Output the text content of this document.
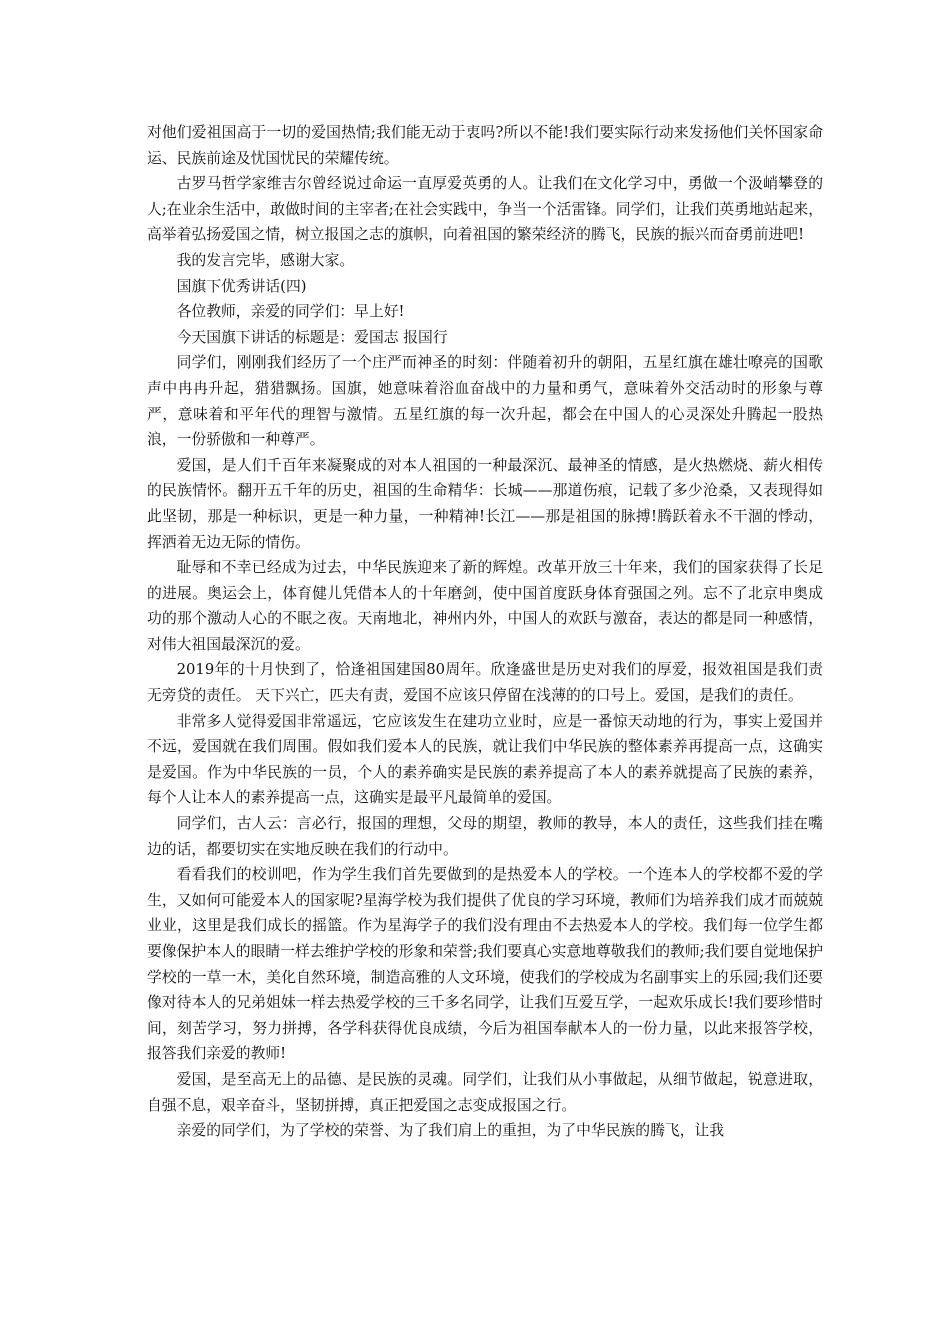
对他们爱祖国高于一切的爱国热情;我们能无动于衷吗?所以不能!我们要实际行动来发扬他们关怀国家命运、民族前途及忧国忧民的荣耀传统。

古罗马哲学家维吉尔曾经说过命运一直厚爱英勇的人。让我们在文化学习中，勇做一个汲峭攀登的人;在业余生活中，敢做时间的主宰者;在社会实践中，争当一个活雷锋。同学们，让我们英勇地站起来，高举着弘扬爱国之情，树立报国之志的旗帜，向着祖国的繁荣经济的腾飞，民族的振兴而奋勇前进吧!

我的发言完毕，感谢大家。

国旗下优秀讲话(四)

各位教师，亲爱的同学们：早上好!

今天国旗下讲话的标题是：爱国志 报国行

同学们，刚刚我们经历了一个庄严而神圣的时刻：伴随着初升的朝阳，五星红旗在雄壮嘹亮的国歌声中冉冉升起，猎猎飘扬。国旗，她意味着浴血奋战中的力量和勇气，意味着外交活动时的形象与尊严，意味着和平年代的理智与激情。五星红旗的每一次升起，都会在中国人的心灵深处升腾起一股热浪，一份骄傲和一种尊严。

爱国，是人们千百年来凝聚成的对本人祖国的一种最深沉、最神圣的情感，是火热燃烧、薪火相传的民族情怀。翻开五千年的历史，祖国的生命精华：长城——那道伤痕，记载了多少沧桑，又表现得如此坚韧，那是一种标识，更是一种力量，一种精神!长江——那是祖国的脉搏!腾跃着永不干涸的悸动，挥洒着无边无际的情伤。

耻辱和不幸已经成为过去，中华民族迎来了新的辉煌。改革开放三十年来，我们的国家获得了长足的进展。奥运会上，体育健儿凭借本人的十年磨剑，使中国首度跃身体育强国之列。忘不了北京申奥成功的那个激动人心的不眠之夜。天南地北，神州内外，中国人的欢跃与激奋，表达的都是同一种感情，对伟大祖国最深沉的爱。

2019年的十月快到了，恰逢祖国建国80周年。欣逢盛世是历史对我们的厚爱，报效祖国是我们责无旁贷的责任。 天下兴亡，匹夫有责，爱国不应该只停留在浅薄的的口号上。爱国，是我们的责任。

非常多人觉得爱国非常遥远，它应该发生在建功立业时，应是一番惊天动地的行为，事实上爱国并不远，爱国就在我们周围。假如我们爱本人的民族，就让我们中华民族的整体素养再提高一点，这确实是爱国。作为中华民族的一员，个人的素养确实是民族的素养提高了本人的素养就提高了民族的素养，每个人让本人的素养提高一点，这确实是最平凡最简单的爱国。

同学们，古人云：言必行，报国的理想，父母的期望，教师的教导，本人的责任，这些我们挂在嘴边的话，都要切实在实地反映在我们的行动中。

看看我们的校训吧，作为学生我们首先要做到的是热爱本人的学校。一个连本人的学校都不爱的学生，又如何可能爱本人的国家呢?星海学校为我们提供了优良的学习环境，教师们为培养我们成才而兢兢业业，这里是我们成长的摇篮。作为星海学子的我们没有理由不去热爱本人的学校。我们每一位学生都要像保护本人的眼睛一样去维护学校的形象和荣誉;我们要真心实意地尊敬我们的教师;我们要自觉地保护学校的一草一木，美化自然环境，制造高雅的人文环境，使我们的学校成为名副事实上的乐园;我们还要像对待本人的兄弟姐妹一样去热爱学校的三千多名同学，让我们互爱互学，一起欢乐成长!我们要珍惜时间，刻苦学习，努力拼搏，各学科获得优良成绩，今后为祖国奉献本人的一份力量，以此来报答学校，报答我们亲爱的教师!

爱国，是至高无上的品德、是民族的灵魂。同学们，让我们从小事做起，从细节做起，锐意进取，自强不息，艰辛奋斗，坚韧拼搏，真正把爱国之志变成报国之行。

亲爱的同学们，为了学校的荣誉、为了我们肩上的重担，为了中华民族的腾飞，让我
